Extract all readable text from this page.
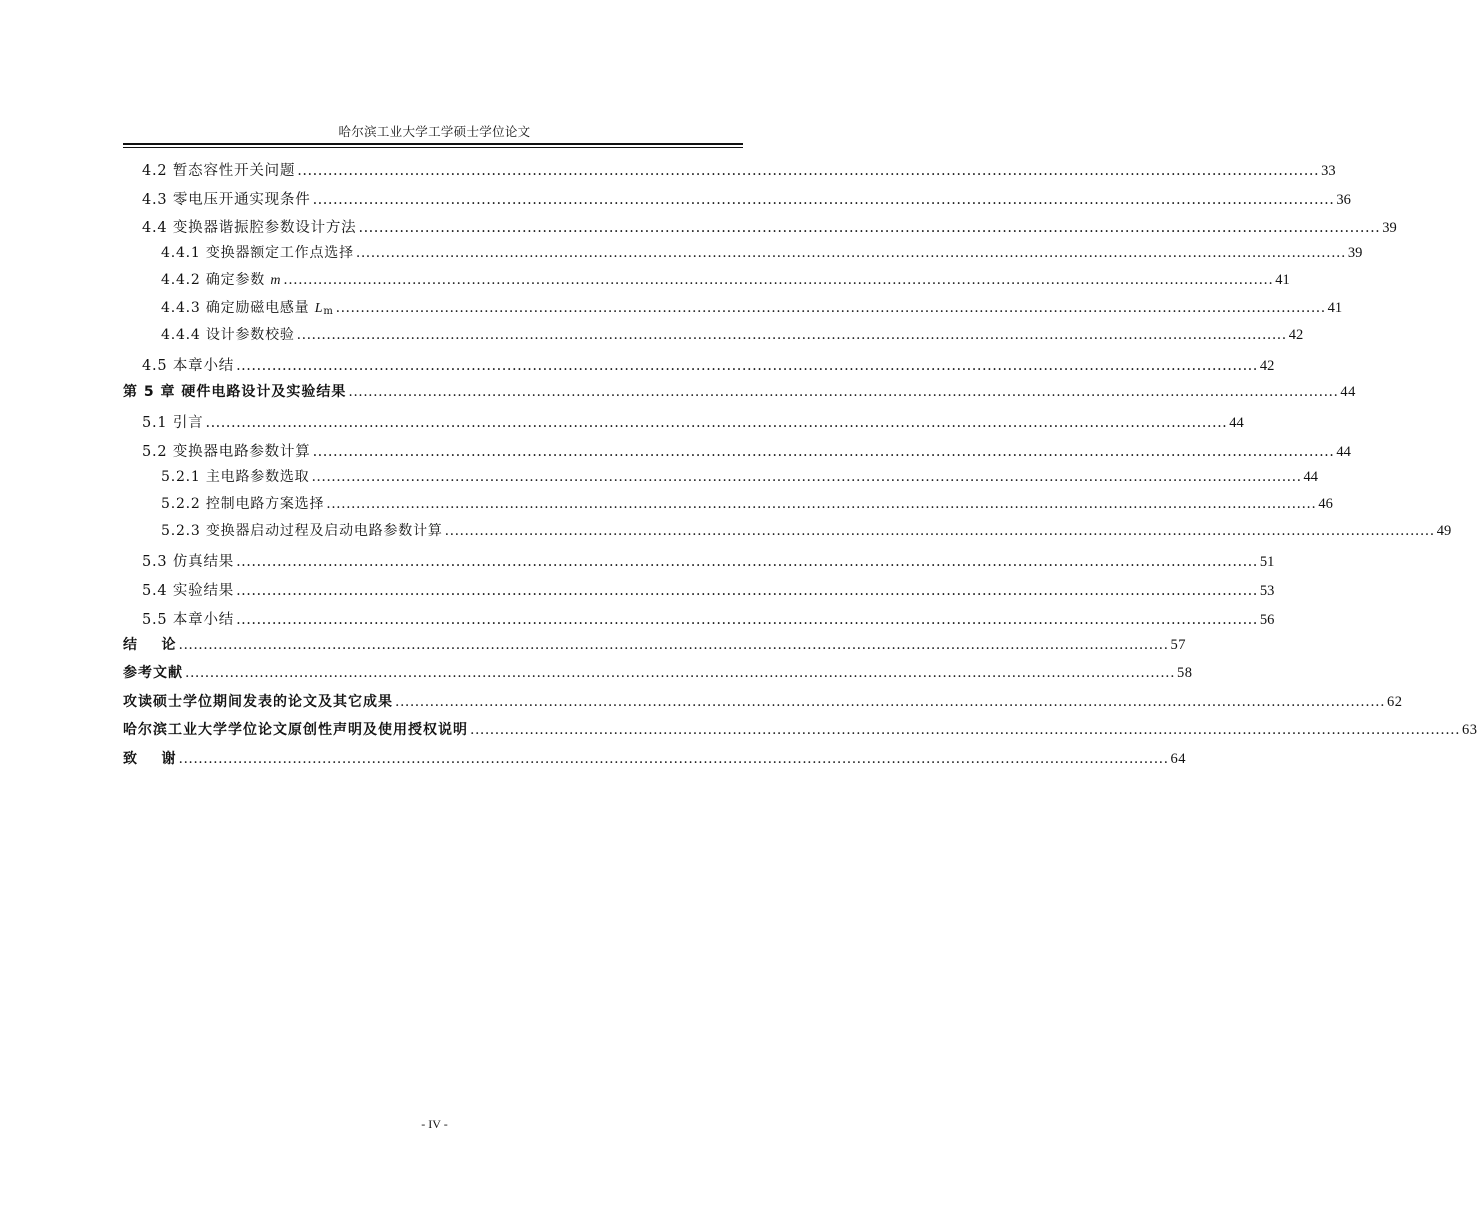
哈尔滨工业大学工学硕士学位论文
4.2 暂态容性开关问题 ........................................................................................................................................................................................................ 33
4.3 零电压开通实现条件 ........................................................................................................................................................................................................ 36
4.4 变换器谐振腔参数设计方法 ........................................................................................................................................................................................................ 39
4.4.1 变换器额定工作点选择 ........................................................................................................................................................................................................ 39
4.4.2 确定参数 m ........................................................................................................................................................................................................ 41
4.4.3 确定励磁电感量 $L_m$ ........................................................................................................................................................................................................ 41
4.4.4 设计参数校验 ........................................................................................................................................................................................................ 42
4.5 本章小结 ........................................................................................................................................................................................................ 42
第 5 章 硬件电路设计及实验结果 ........................................................................................................................................................................................................ 44
5.1 引言 ........................................................................................................................................................................................................ 44
5.2 变换器电路参数计算 ........................................................................................................................................................................................................ 44
5.2.1 主电路参数选取 ........................................................................................................................................................................................................ 44
5.2.2 控制电路方案选择 ........................................................................................................................................................................................................ 46
5.2.3 变换器启动过程及启动电路参数计算 ........................................................................................................................................................................................................ 49
5.3 仿真结果 ........................................................................................................................................................................................................ 51
5.4 实验结果 ........................................................................................................................................................................................................ 53
5.5 本章小结 ........................................................................................................................................................................................................ 56
结    论 ........................................................................................................................................................................................................ 57
参考文献 ........................................................................................................................................................................................................ 58
攻读硕士学位期间发表的论文及其它成果 ........................................................................................................................................................................................................ 62
哈尔滨工业大学学位论文原创性声明及使用授权说明 ........................................................................................................................................................................................................ 63
致    谢 ........................................................................................................................................................................................................ 64
- IV -
